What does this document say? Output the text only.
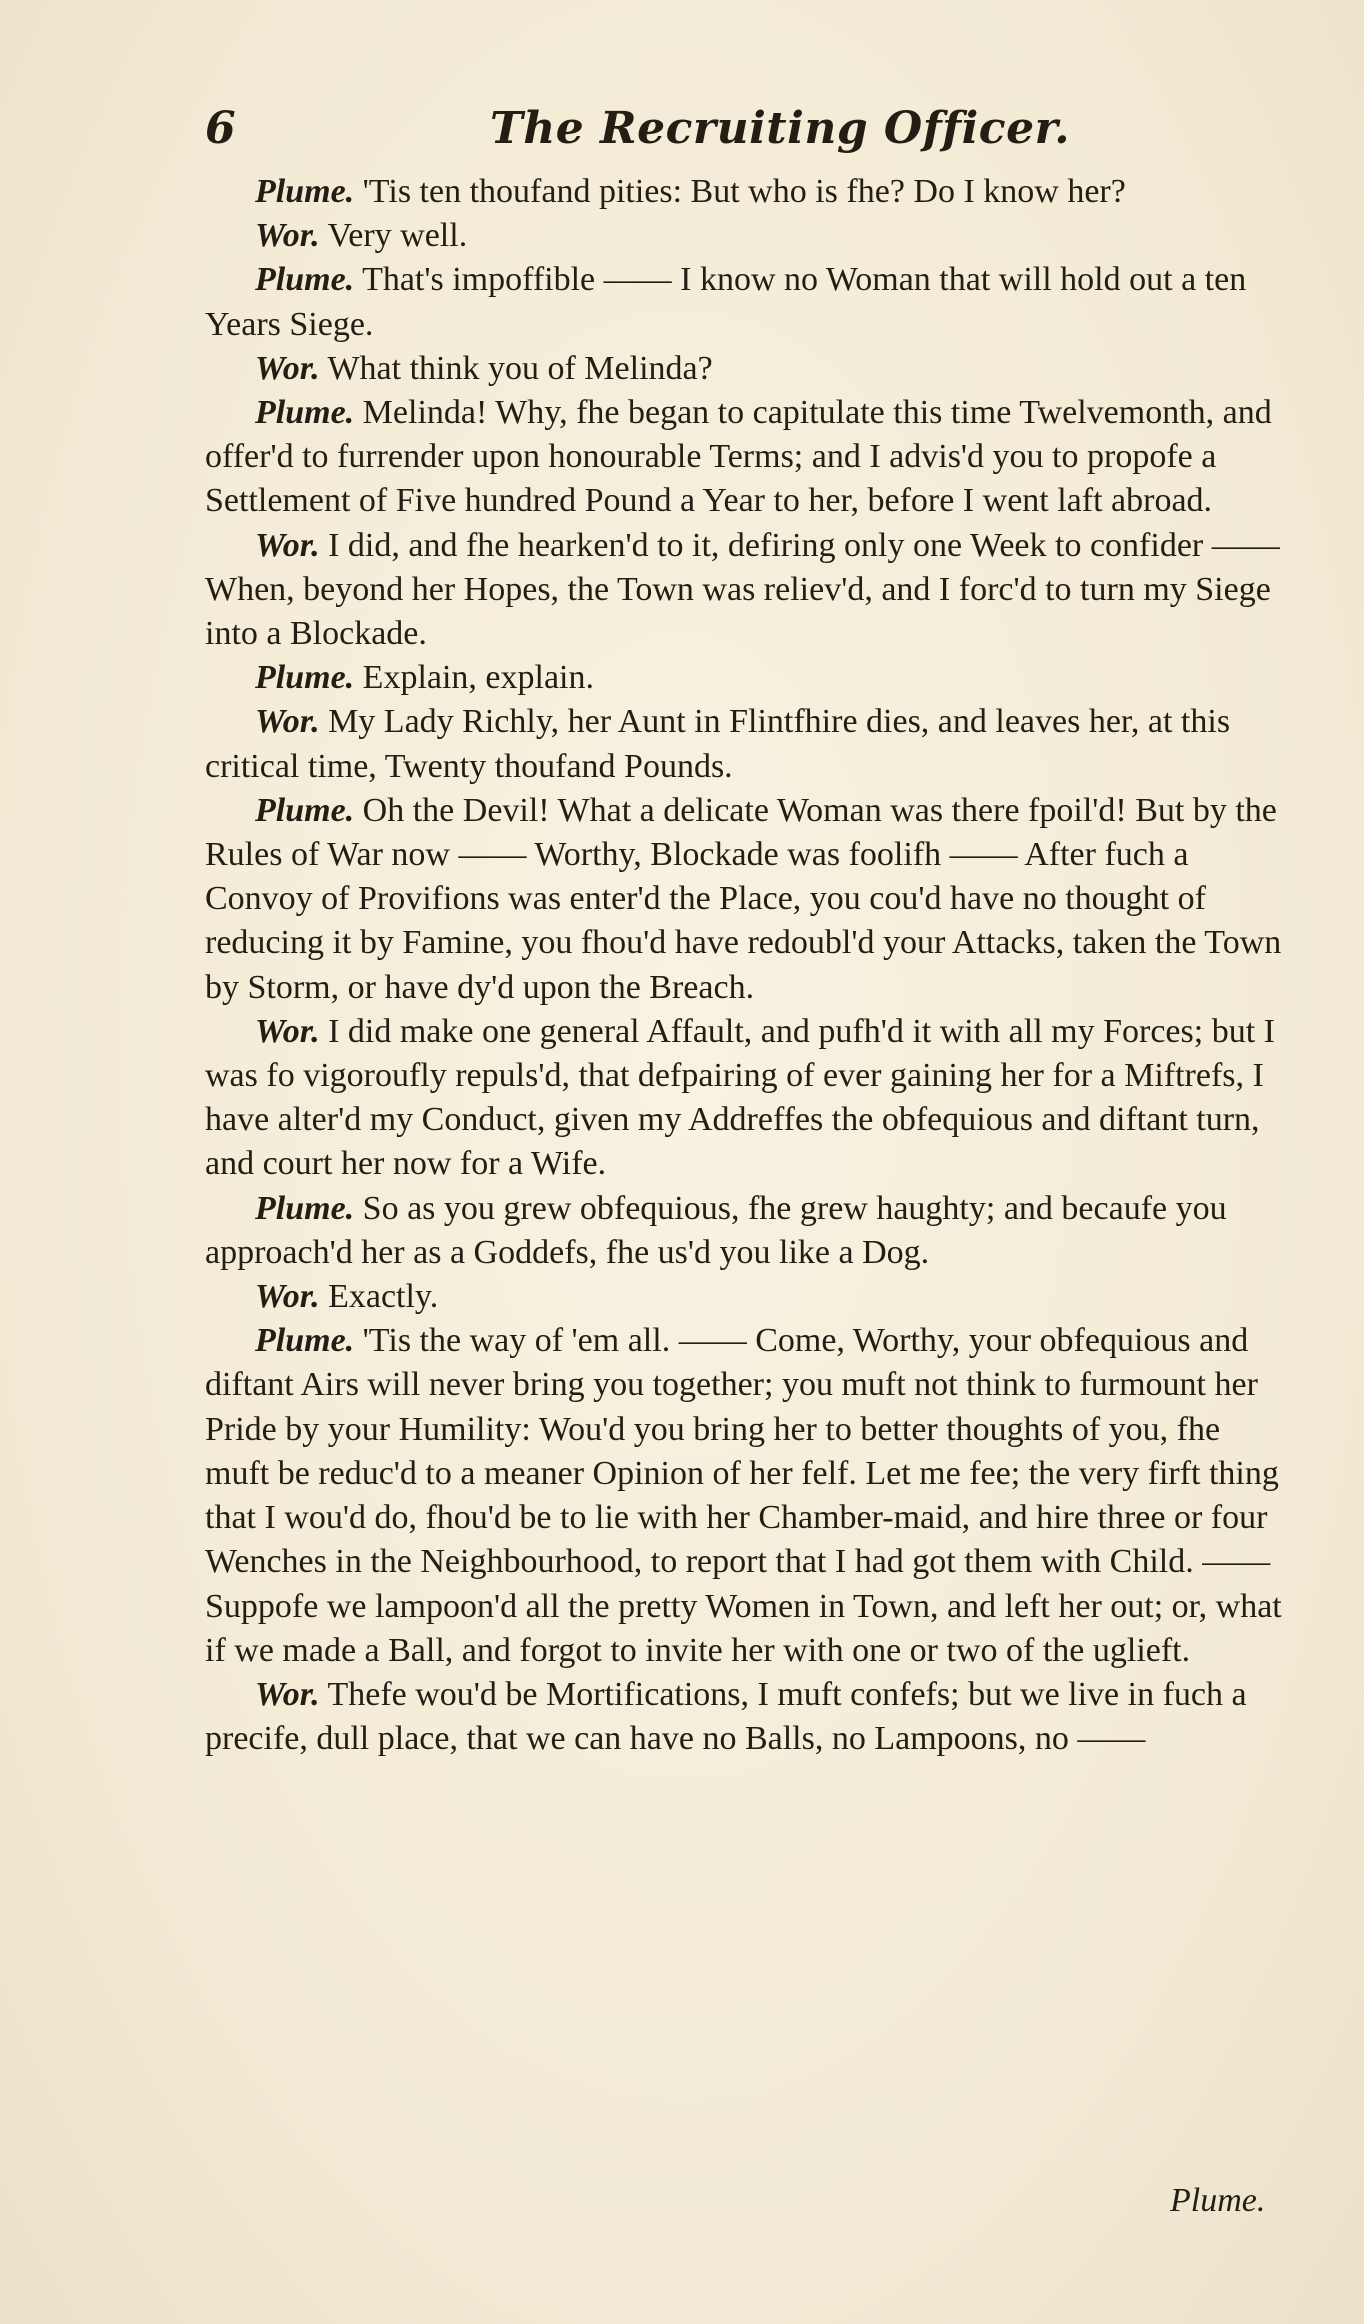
6	The Recruiting Officer.

Plume. 'Tis ten thoufand pities: But who is fhe? Do I know her?

Wor. Very well.

Plume. That's impoffible —— I know no Woman that will hold out a ten Years Siege.

Wor. What think you of Melinda?

Plume. Melinda! Why, fhe began to capitulate this time Twelvemonth, and offer'd to furrender upon honourable Terms; and I advis'd you to propofe a Settlement of Five hundred Pound a Year to her, before I went laft abroad.

Wor. I did, and fhe hearken'd to it, defiring only one Week to confider —— When, beyond her Hopes, the Town was reliev'd, and I forc'd to turn my Siege into a Blockade.

Plume. Explain, explain.

Wor. My Lady Richly, her Aunt in Flintfhire dies, and leaves her, at this critical time, Twenty thoufand Pounds.

Plume. Oh the Devil! What a delicate Woman was there fpoil'd! But by the Rules of War now —— Worthy, Blockade was foolifh —— After fuch a Convoy of Provifions was enter'd the Place, you cou'd have no thought of reducing it by Famine, you fhou'd have redoubl'd your Attacks, taken the Town by Storm, or have dy'd upon the Breach.

Wor. I did make one general Affault, and pufh'd it with all my Forces; but I was fo vigoroufly repuls'd, that defpairing of ever gaining her for a Miftrefs, I have alter'd my Conduct, given my Addreffes the obfequious and diftant turn, and court her now for a Wife.

Plume. So as you grew obfequious, fhe grew haughty; and becaufe you approach'd her as a Goddefs, fhe us'd you like a Dog.

Wor. Exactly.

Plume. 'Tis the way of 'em all. —— Come, Worthy, your obfequious and diftant Airs will never bring you together; you muft not think to furmount her Pride by your Humility: Wou'd you bring her to better thoughts of you, fhe muft be reduc'd to a meaner Opinion of her felf. Let me fee; the very firft thing that I wou'd do, fhou'd be to lie with her Chamber-maid, and hire three or four Wenches in the Neighbourhood, to report that I had got them with Child. —— Suppofe we lampoon'd all the pretty Women in Town, and left her out; or, what if we made a Ball, and forgot to invite her with one or two of the uglieft.

Wor. Thefe wou'd be Mortifications, I muft confefs; but we live in fuch a precife, dull place, that we can have no Balls, no Lampoons, no ——

Plume.
